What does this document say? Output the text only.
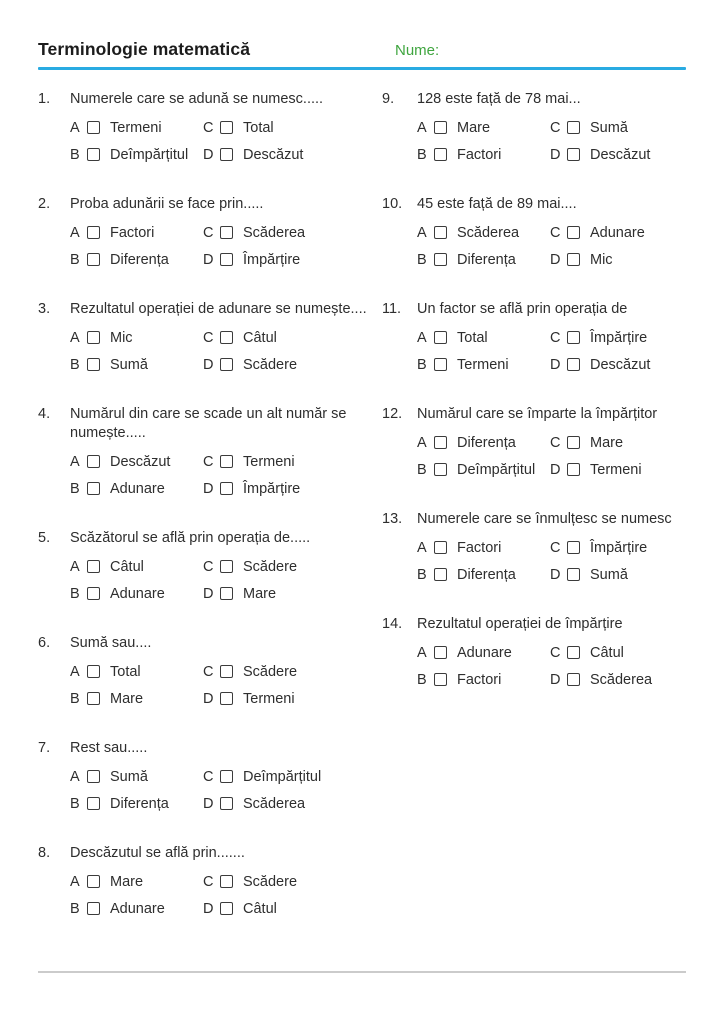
Terminologie matematică	Nume:
1.	Numerele care se adună se numesc.....
A Termeni
B Deîmpărțitul
C Total
D Descăzut
2.	Proba adunării se face prin.....
A Factori
B Diferența
C Scăderea
D Împărțire
3.	Rezultatul operației de adunare se numește....
A Mic
B Sumă
C Câtul
D Scădere
4.	Numărul din care se scade un alt număr se numește.....
A Descăzut
B Adunare
C Termeni
D Împărțire
5.	Scăzătorul se află prin operația de.....
A Câtul
B Adunare
C Scădere
D Mare
6.	Sumă sau....
A Total
B Mare
C Scădere
D Termeni
7.	Rest sau.....
A Sumă
B Diferența
C Deîmpărțitul
D Scăderea
8.	Descăzutul se află prin.......
A Mare
B Adunare
C Scădere
D Câtul
9.	128 este față de 78 mai...
A Mare
B Factori
C Sumă
D Descăzut
10.	45 este față de 89 mai....
A Scăderea
B Diferența
C Adunare
D Mic
11.	Un factor se află prin operația de
A Total
B Termeni
C Împărțire
D Descăzut
12.	Numărul care se împarte la împărțitor
A Diferența
B Deîmpărțitul
C Mare
D Termeni
13.	Numerele care se înmulțesc se numesc
A Factori
B Diferența
C Împărțire
D Sumă
14.	Rezultatul operației de împărțire
A Adunare
B Factori
C Câtul
D Scăderea
